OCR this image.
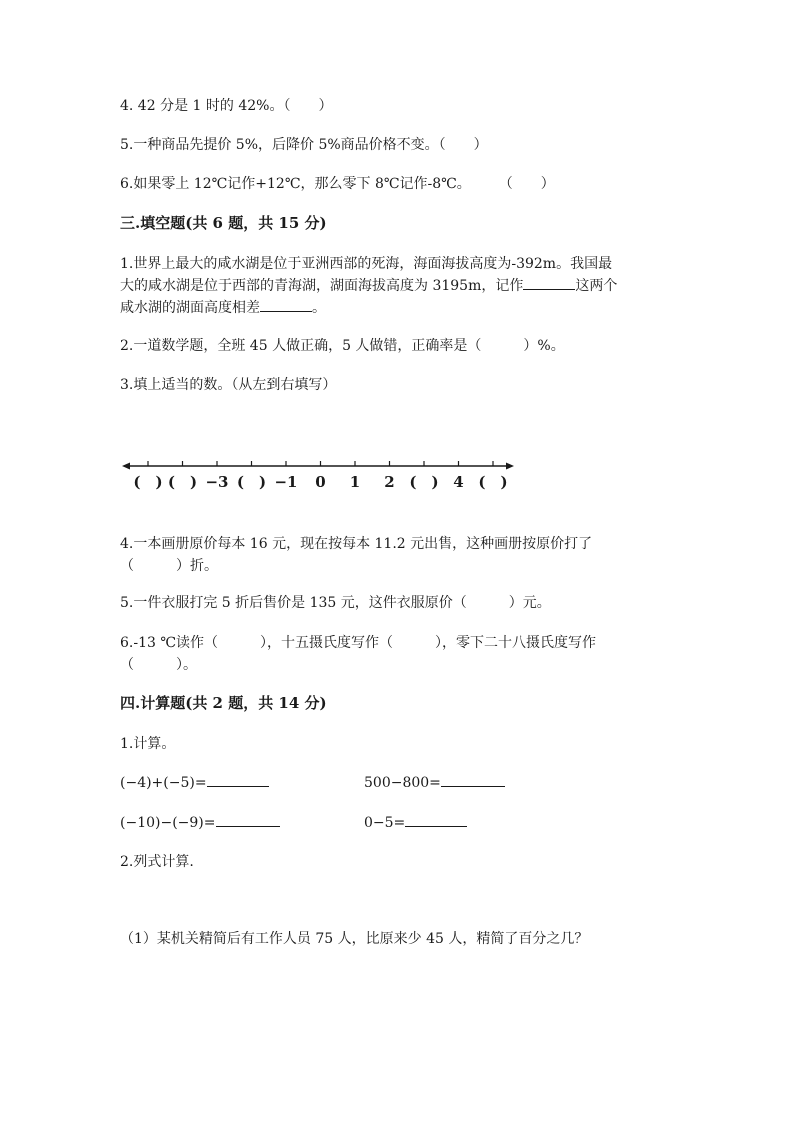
4. 42 分是 1 时的 42%。（　　）
5.一种商品先提价 5%，后降价 5%商品价格不变。（　　）
6.如果零上 12℃记作+12℃，那么零下 8℃记作-8℃。　　　（　　）
三.填空题(共 6 题，共 15 分)
1.世界上最大的咸水湖是位于亚洲西部的死海，海面海拔高度为-392m。我国最
大的咸水湖是位于西部的青海湖，湖面海拔高度为 3195m，记作	这两个
咸水湖的湖面高度相差	。
2.一道数学题，全班 45 人做正确，5 人做错，正确率是（　　　）%。
3.填上适当的数。（从左到右填写）
(　) (　) −3 (　) −1 0 1 2 (　) 4 (　)
4.一本画册原价每本 16 元，现在按每本 11.2 元出售，这种画册按原价打了
（　　　）折。
5.一件衣服打完 5 折后售价是 135 元，这件衣服原价（　　　）元。
6.-13 ℃读作（　　　），十五摄氏度写作（　　　），零下二十八摄氏度写作
（　　　）。
四.计算题(共 2 题，共 14 分)
1.计算。
(−4)+(−5)=	500−800=
(−10)−(−9)=	0−5=
2.列式计算.
（1）某机关精简后有工作人员 75 人，比原来少 45 人，精简了百分之几？
